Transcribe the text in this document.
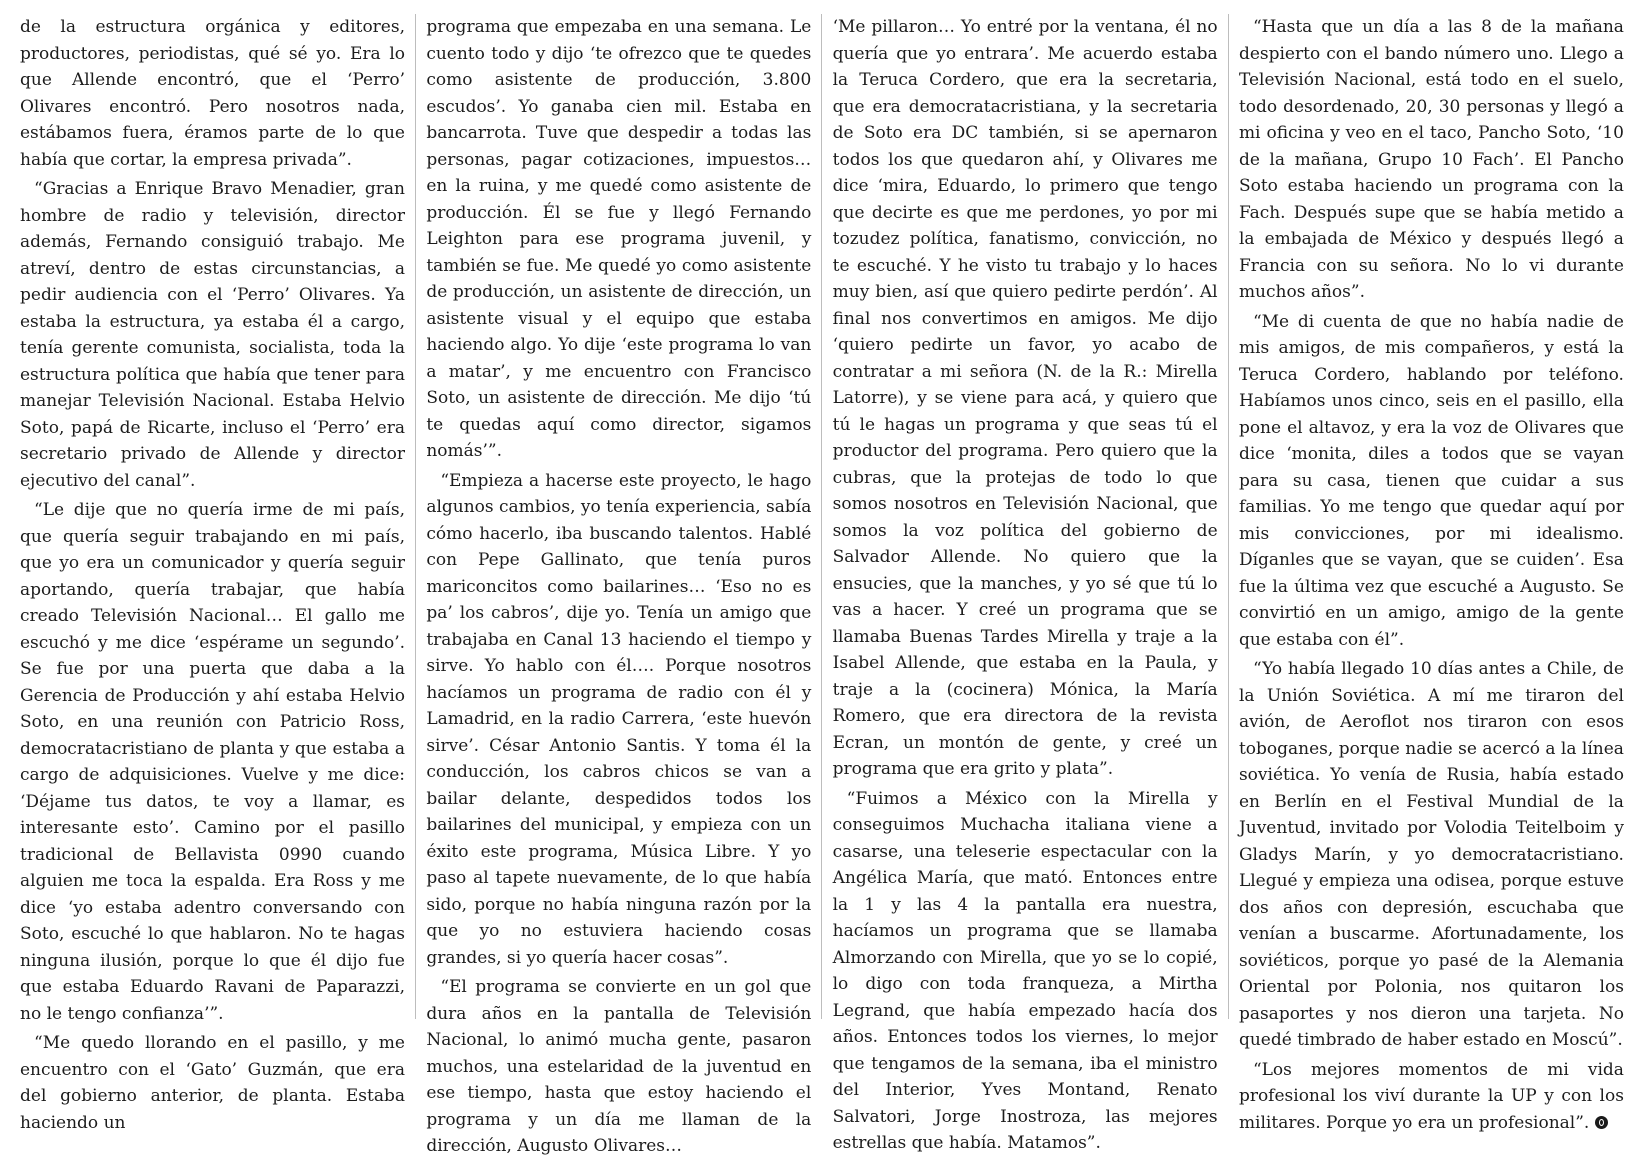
de la estructura orgánica y editores, productores, periodistas, qué sé yo. Era lo que Allende encontró, que el ‘Perro’ Olivares encontró. Pero nosotros nada, estábamos fuera, éramos parte de lo que había que cortar, la empresa privada”.

“Gracias a Enrique Bravo Menadier, gran hombre de radio y televisión, director además, Fernando consiguió trabajo. Me atreví, dentro de estas circunstancias, a pedir audiencia con el ‘Perro’ Olivares. Ya estaba la estructura, ya estaba él a cargo, tenía gerente comunista, socialista, toda la estructura política que había que tener para manejar Televisión Nacional. Estaba Helvio Soto, papá de Ricarte, incluso el ‘Perro’ era secretario privado de Allende y director ejecutivo del canal”.

“Le dije que no quería irme de mi país, que quería seguir trabajando en mi país, que yo era un comunicador y quería seguir aportando, quería trabajar, que había creado Televisión Nacional… El gallo me escuchó y me dice ‘espérame un segundo’. Se fue por una puerta que daba a la Gerencia de Producción y ahí estaba Helvio Soto, en una reunión con Patricio Ross, democratacristiano de planta y que estaba a cargo de adquisiciones. Vuelve y me dice: ‘Déjame tus datos, te voy a llamar, es interesante esto’. Camino por el pasillo tradicional de Bellavista 0990 cuando alguien me toca la espalda. Era Ross y me dice ‘yo estaba adentro conversando con Soto, escuché lo que hablaron. No te hagas ninguna ilusión, porque lo que él dijo fue que estaba Eduardo Ravani de Paparazzi, no le tengo confianza’”.

“Me quedo llorando en el pasillo, y me encuentro con el ‘Gato’ Guzmán, que era del gobierno anterior, de planta. Estaba haciendo un

programa que empezaba en una semana. Le cuento todo y dijo ‘te ofrezco que te quedes como asistente de producción, 3.800 escudos’. Yo ganaba cien mil. Estaba en bancarrota. Tuve que despedir a todas las personas, pagar cotizaciones, impuestos… en la ruina, y me quedé como asistente de producción. Él se fue y llegó Fernando Leighton para ese programa juvenil, y también se fue. Me quedé yo como asistente de producción, un asistente de dirección, un asistente visual y el equipo que estaba haciendo algo. Yo dije ‘este programa lo van a matar’, y me encuentro con Francisco Soto, un asistente de dirección. Me dijo ‘tú te quedas aquí como director, sigamos nomás’”.

“Empieza a hacerse este proyecto, le hago algunos cambios, yo tenía experiencia, sabía cómo hacerlo, iba buscando talentos. Hablé con Pepe Gallinato, que tenía puros mariconcitos como bailarines… ‘Eso no es pa’ los cabros’, dije yo. Tenía un amigo que trabajaba en Canal 13 haciendo el tiempo y sirve. Yo hablo con él…. Porque nosotros hacíamos un programa de radio con él y Lamadrid, en la radio Carrera, ‘este huevón sirve’. César Antonio Santis. Y toma él la conducción, los cabros chicos se van a bailar delante, despedidos todos los bailarines del municipal, y empieza con un éxito este programa, Música Libre. Y yo paso al tapete nuevamente, de lo que había sido, porque no había ninguna razón por la que yo no estuviera haciendo cosas grandes, si yo quería hacer cosas”.

“El programa se convierte en un gol que dura años en la pantalla de Televisión Nacional, lo animó mucha gente, pasaron muchos, una estelaridad de la juventud en ese tiempo, hasta que estoy haciendo el programa y un día me llaman de la dirección, Augusto Olivares…

‘Me pillaron… Yo entré por la ventana, él no quería que yo entrara’. Me acuerdo estaba la Teruca Cordero, que era la secretaria, que era democratacristiana, y la secretaria de Soto era DC también, si se apernaron todos los que quedaron ahí, y Olivares me dice ‘mira, Eduardo, lo primero que tengo que decirte es que me perdones, yo por mi tozudez política, fanatismo, convicción, no te escuché. Y he visto tu trabajo y lo haces muy bien, así que quiero pedirte perdón’. Al final nos convertimos en amigos. Me dijo ‘quiero pedirte un favor, yo acabo de contratar a mi señora (N. de la R.: Mirella Latorre), y se viene para acá, y quiero que tú le hagas un programa y que seas tú el productor del programa. Pero quiero que la cubras, que la protejas de todo lo que somos nosotros en Televisión Nacional, que somos la voz política del gobierno de Salvador Allende. No quiero que la ensucies, que la manches, y yo sé que tú lo vas a hacer. Y creé un programa que se llamaba Buenas Tardes Mirella y traje a la Isabel Allende, que estaba en la Paula, y traje a la (cocinera) Mónica, la María Romero, que era directora de la revista Ecran, un montón de gente, y creé un programa que era grito y plata”.

“Fuimos a México con la Mirella y conseguimos Muchacha italiana viene a casarse, una teleserie espectacular con la Angélica María, que mató. Entonces entre la 1 y las 4 la pantalla era nuestra, hacíamos un programa que se llamaba Almorzando con Mirella, que yo se lo copié, lo digo con toda franqueza, a Mirtha Legrand, que había empezado hacía dos años. Entonces todos los viernes, lo mejor que tengamos de la semana, iba el ministro del Interior, Yves Montand, Renato Salvatori, Jorge Inostroza, las mejores estrellas que había. Matamos”.

“Hasta que un día a las 8 de la mañana despierto con el bando número uno. Llego a Televisión Nacional, está todo en el suelo, todo desordenado, 20, 30 personas y llegó a mi oficina y veo en el taco, Pancho Soto, ‘10 de la mañana, Grupo 10 Fach’. El Pancho Soto estaba haciendo un programa con la Fach. Después supe que se había metido a la embajada de México y después llegó a Francia con su señora. No lo vi durante muchos años”.

“Me di cuenta de que no había nadie de mis amigos, de mis compañeros, y está la Teruca Cordero, hablando por teléfono. Habíamos unos cinco, seis en el pasillo, ella pone el altavoz, y era la voz de Olivares que dice ‘monita, diles a todos que se vayan para su casa, tienen que cuidar a sus familias. Yo me tengo que quedar aquí por mis convicciones, por mi idealismo. Díganles que se vayan, que se cuiden’. Esa fue la última vez que escuché a Augusto. Se convirtió en un amigo, amigo de la gente que estaba con él”.

“Yo había llegado 10 días antes a Chile, de la Unión Soviética. A mí me tiraron del avión, de Aeroflot nos tiraron con esos toboganes, porque nadie se acercó a la línea soviética. Yo venía de Rusia, había estado en Berlín en el Festival Mundial de la Juventud, invitado por Volodia Teitelboim y Gladys Marín, y yo democratacristiano. Llegué y empieza una odisea, porque estuve dos años con depresión, escuchaba que venían a buscarme. Afortunadamente, los soviéticos, porque yo pasé de la Alemania Oriental por Polonia, nos quitaron los pasaportes y nos dieron una tarjeta. No quedé timbrado de haber estado en Moscú”.

“Los mejores momentos de mi vida profesional los viví durante la UP y con los militares. Porque yo era un profesional”.
